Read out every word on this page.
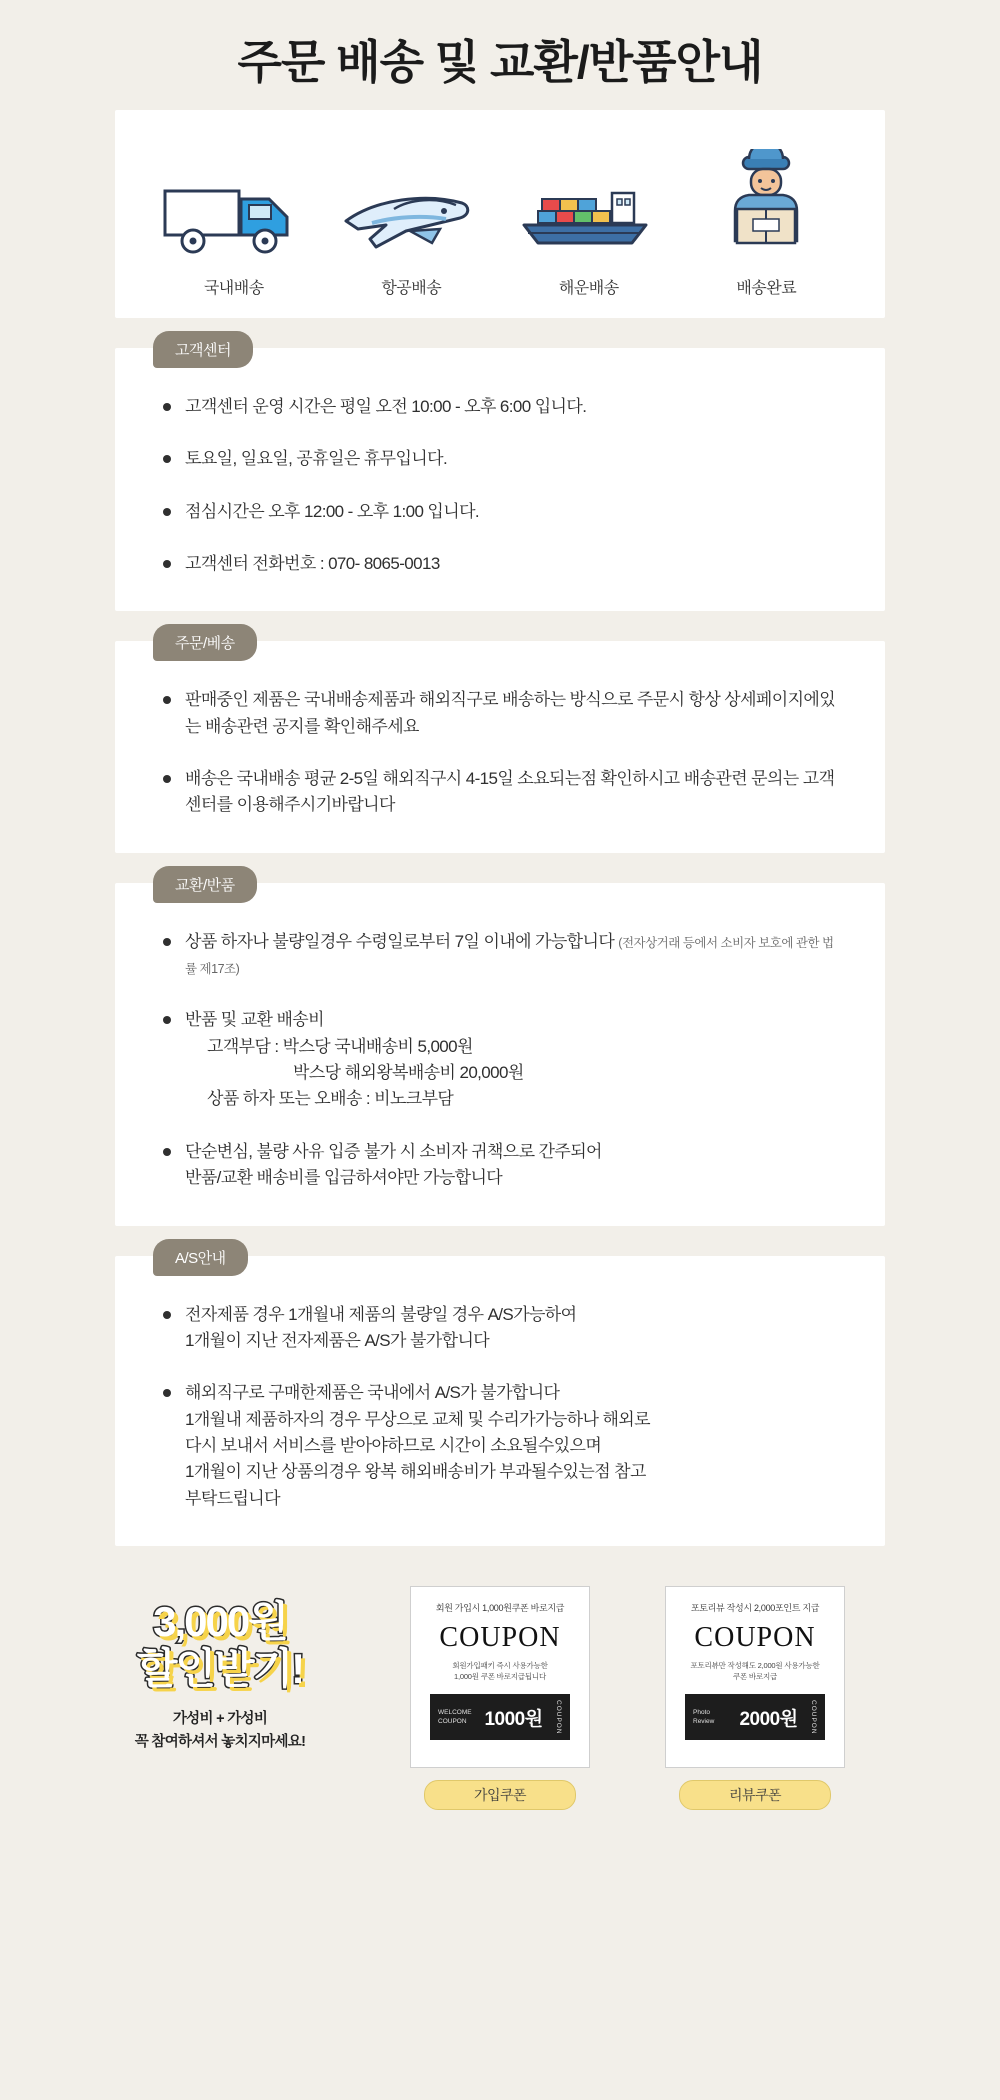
주문 배송 및 교환/반품안내
국내배송	항공배송	해운배송	배송완료
고객센터
고객센터 운영 시간은 평일 오전 10:00 - 오후 6:00 입니다.
토요일, 일요일, 공휴일은 휴무입니다.
점심시간은 오후 12:00 - 오후 1:00 입니다.
고객센터 전화번호 : 070- 8065-0013
주문/베송
판매중인 제품은 국내배송제품과 해외직구로 배송하는 방식으로 주문시 항상 상세페이지에있는 배송관련 공지를 확인해주세요
배송은 국내배송 평균 2-5일 해외직구시 4-15일 소요되는점 확인하시고 배송관련 문의는 고객센터를 이용해주시기바랍니다
교환/반품
상품 하자나 불량일경우 수령일로부터 7일 이내에 가능합니다 (전자상거래 등에서 소비자 보호에 관한 법률 제17조)
반품 및 교환 배송비
고객부담 : 박스당 국내배송비 5,000원
박스당 해외왕복배송비 20,000원
상품 하자 또는 오배송 : 비노크부담
단순변심, 불량 사유 입증 불가 시 소비자 귀책으로 간주되어
반품/교환 배송비를 입금하셔야만 가능합니다
A/S안내
전자제품 경우 1개월내 제품의 불량일 경우 A/S가능하여
1개월이 지난 전자제품은 A/S가 불가합니다
해외직구로 구매한제품은 국내에서 A/S가 불가합니다
1개월내 제품하자의 경우 무상으로 교체 및 수리가가능하나 해외로
다시 보내서 서비스를 받아야하므로 시간이 소요될수있으며
1개월이 지난 상품의경우 왕복 해외배송비가 부과될수있는점 참고
부탁드립니다
3,000원
할인받기!
가성비 + 가성비
꼭 참여하셔서 놓치지마세요!
회원 가입시 1,000원쿠폰 바로지급
COUPON
회원가입패키 즉시 사용가능한
1,000원 쿠폰 바로지급됩니다
WELCOME COUPON 1000원 COUPON
가입쿠폰
포토리뷰 작성시 2,000포인트 지급
COUPON
포토리뷰만 작성해도 2,000원 사용가능한
쿠폰 바로지급
Photo Review	2000원 COUPON
리뷰쿠폰
